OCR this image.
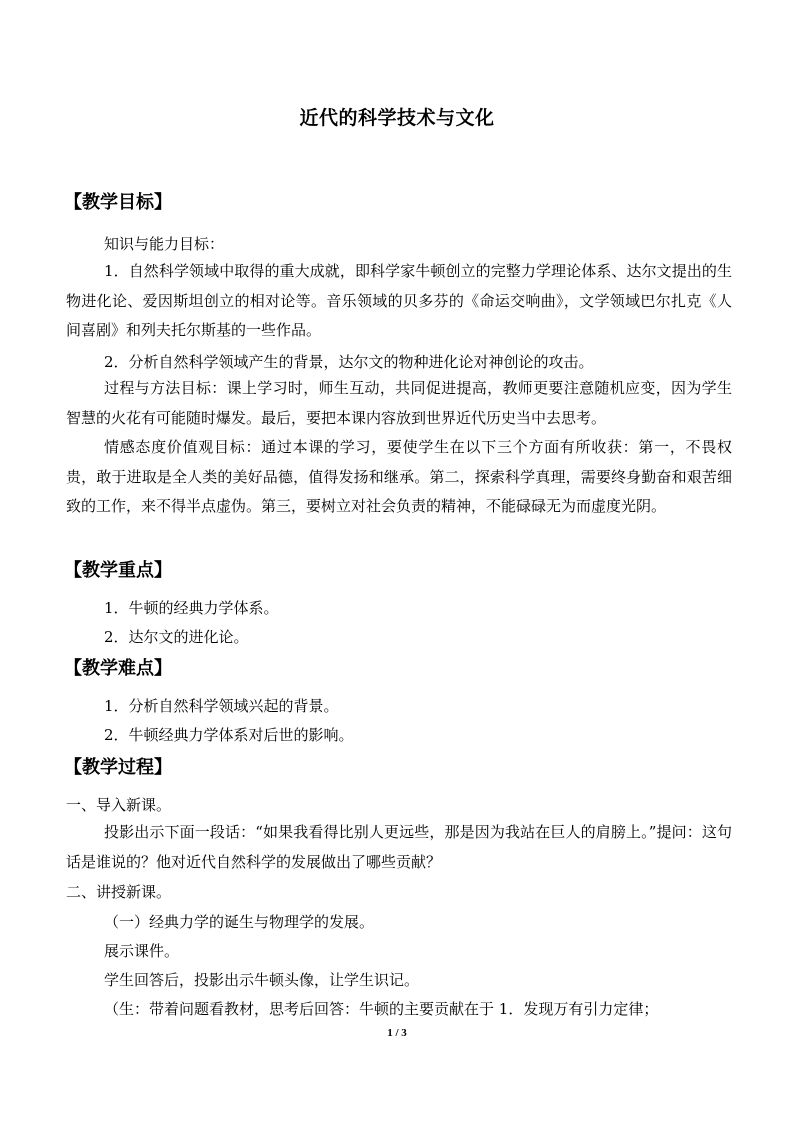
近代的科学技术与文化
【教学目标】
知识与能力目标：
1．自然科学领域中取得的重大成就，即科学家牛顿创立的完整力学理论体系、达尔文提出的生物进化论、爱因斯坦创立的相对论等。音乐领域的贝多芬的《命运交响曲》，文学领域巴尔扎克《人间喜剧》和列夫托尔斯基的一些作品。
2．分析自然科学领域产生的背景，达尔文的物种进化论对神创论的攻击。
过程与方法目标：课上学习时，师生互动，共同促进提高，教师更要注意随机应变，因为学生智慧的火花有可能随时爆发。最后，要把本课内容放到世界近代历史当中去思考。
情感态度价值观目标：通过本课的学习，要使学生在以下三个方面有所收获：第一，不畏权贵，敢于进取是全人类的美好品德，值得发扬和继承。第二，探索科学真理，需要终身勤奋和艰苦细致的工作，来不得半点虚伪。第三，要树立对社会负责的精神，不能碌碌无为而虚度光阴。
【教学重点】
1．牛顿的经典力学体系。
2．达尔文的进化论。
【教学难点】
1．分析自然科学领域兴起的背景。
2．牛顿经典力学体系对后世的影响。
【教学过程】
一、导入新课。
投影出示下面一段话：“如果我看得比别人更远些，那是因为我站在巨人的肩膀上。”提问：这句话是谁说的？他对近代自然科学的发展做出了哪些贡献？
二、讲授新课。
（一）经典力学的诞生与物理学的发展。
展示课件。
学生回答后，投影出示牛顿头像，让学生识记。
（生：带着问题看教材，思考后回答：牛顿的主要贡献在于 1．发现万有引力定律；
1 / 3
